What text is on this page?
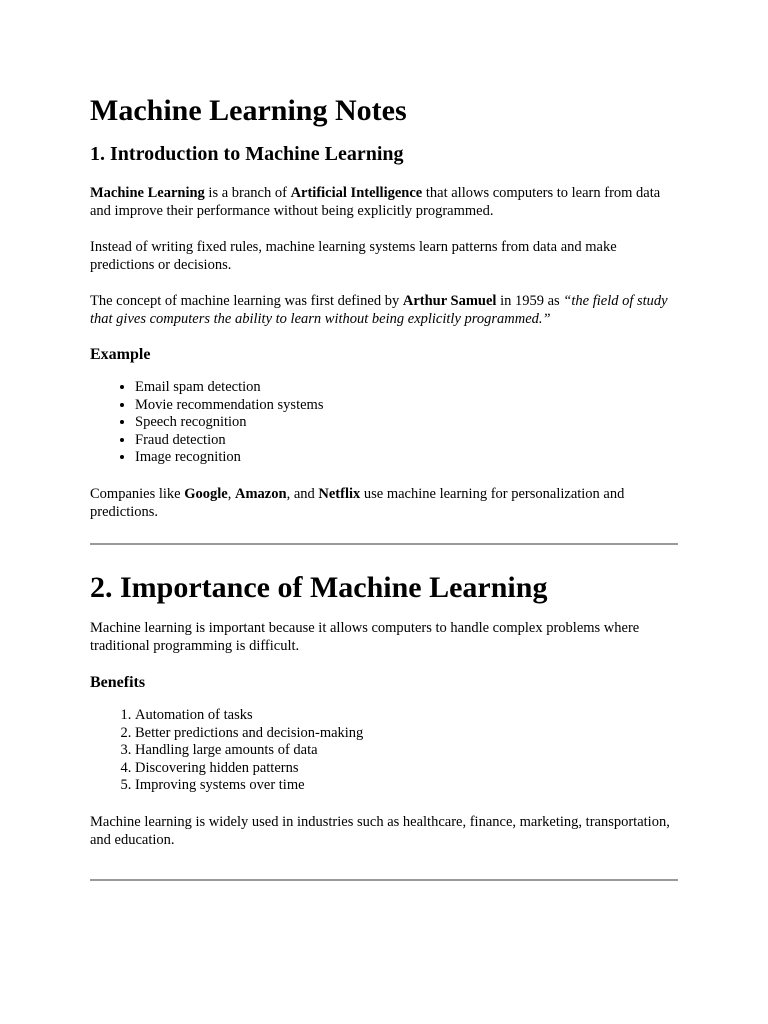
Machine Learning Notes
1. Introduction to Machine Learning

Machine Learning is a branch of Artificial Intelligence that allows computers to learn from data and improve their performance without being explicitly programmed.

Instead of writing fixed rules, machine learning systems learn patterns from data and make predictions or decisions.

The concept of machine learning was first defined by Arthur Samuel in 1959 as “the field of study that gives computers the ability to learn without being explicitly programmed.”

Example
• Email spam detection
• Movie recommendation systems
• Speech recognition
• Fraud detection
• Image recognition

Companies like Google, Amazon, and Netflix use machine learning for personalization and predictions.

2. Importance of Machine Learning

Machine learning is important because it allows computers to handle complex problems where traditional programming is difficult.

Benefits
1. Automation of tasks
2. Better predictions and decision-making
3. Handling large amounts of data
4. Discovering hidden patterns
5. Improving systems over time

Machine learning is widely used in industries such as healthcare, finance, marketing, transportation, and education.
